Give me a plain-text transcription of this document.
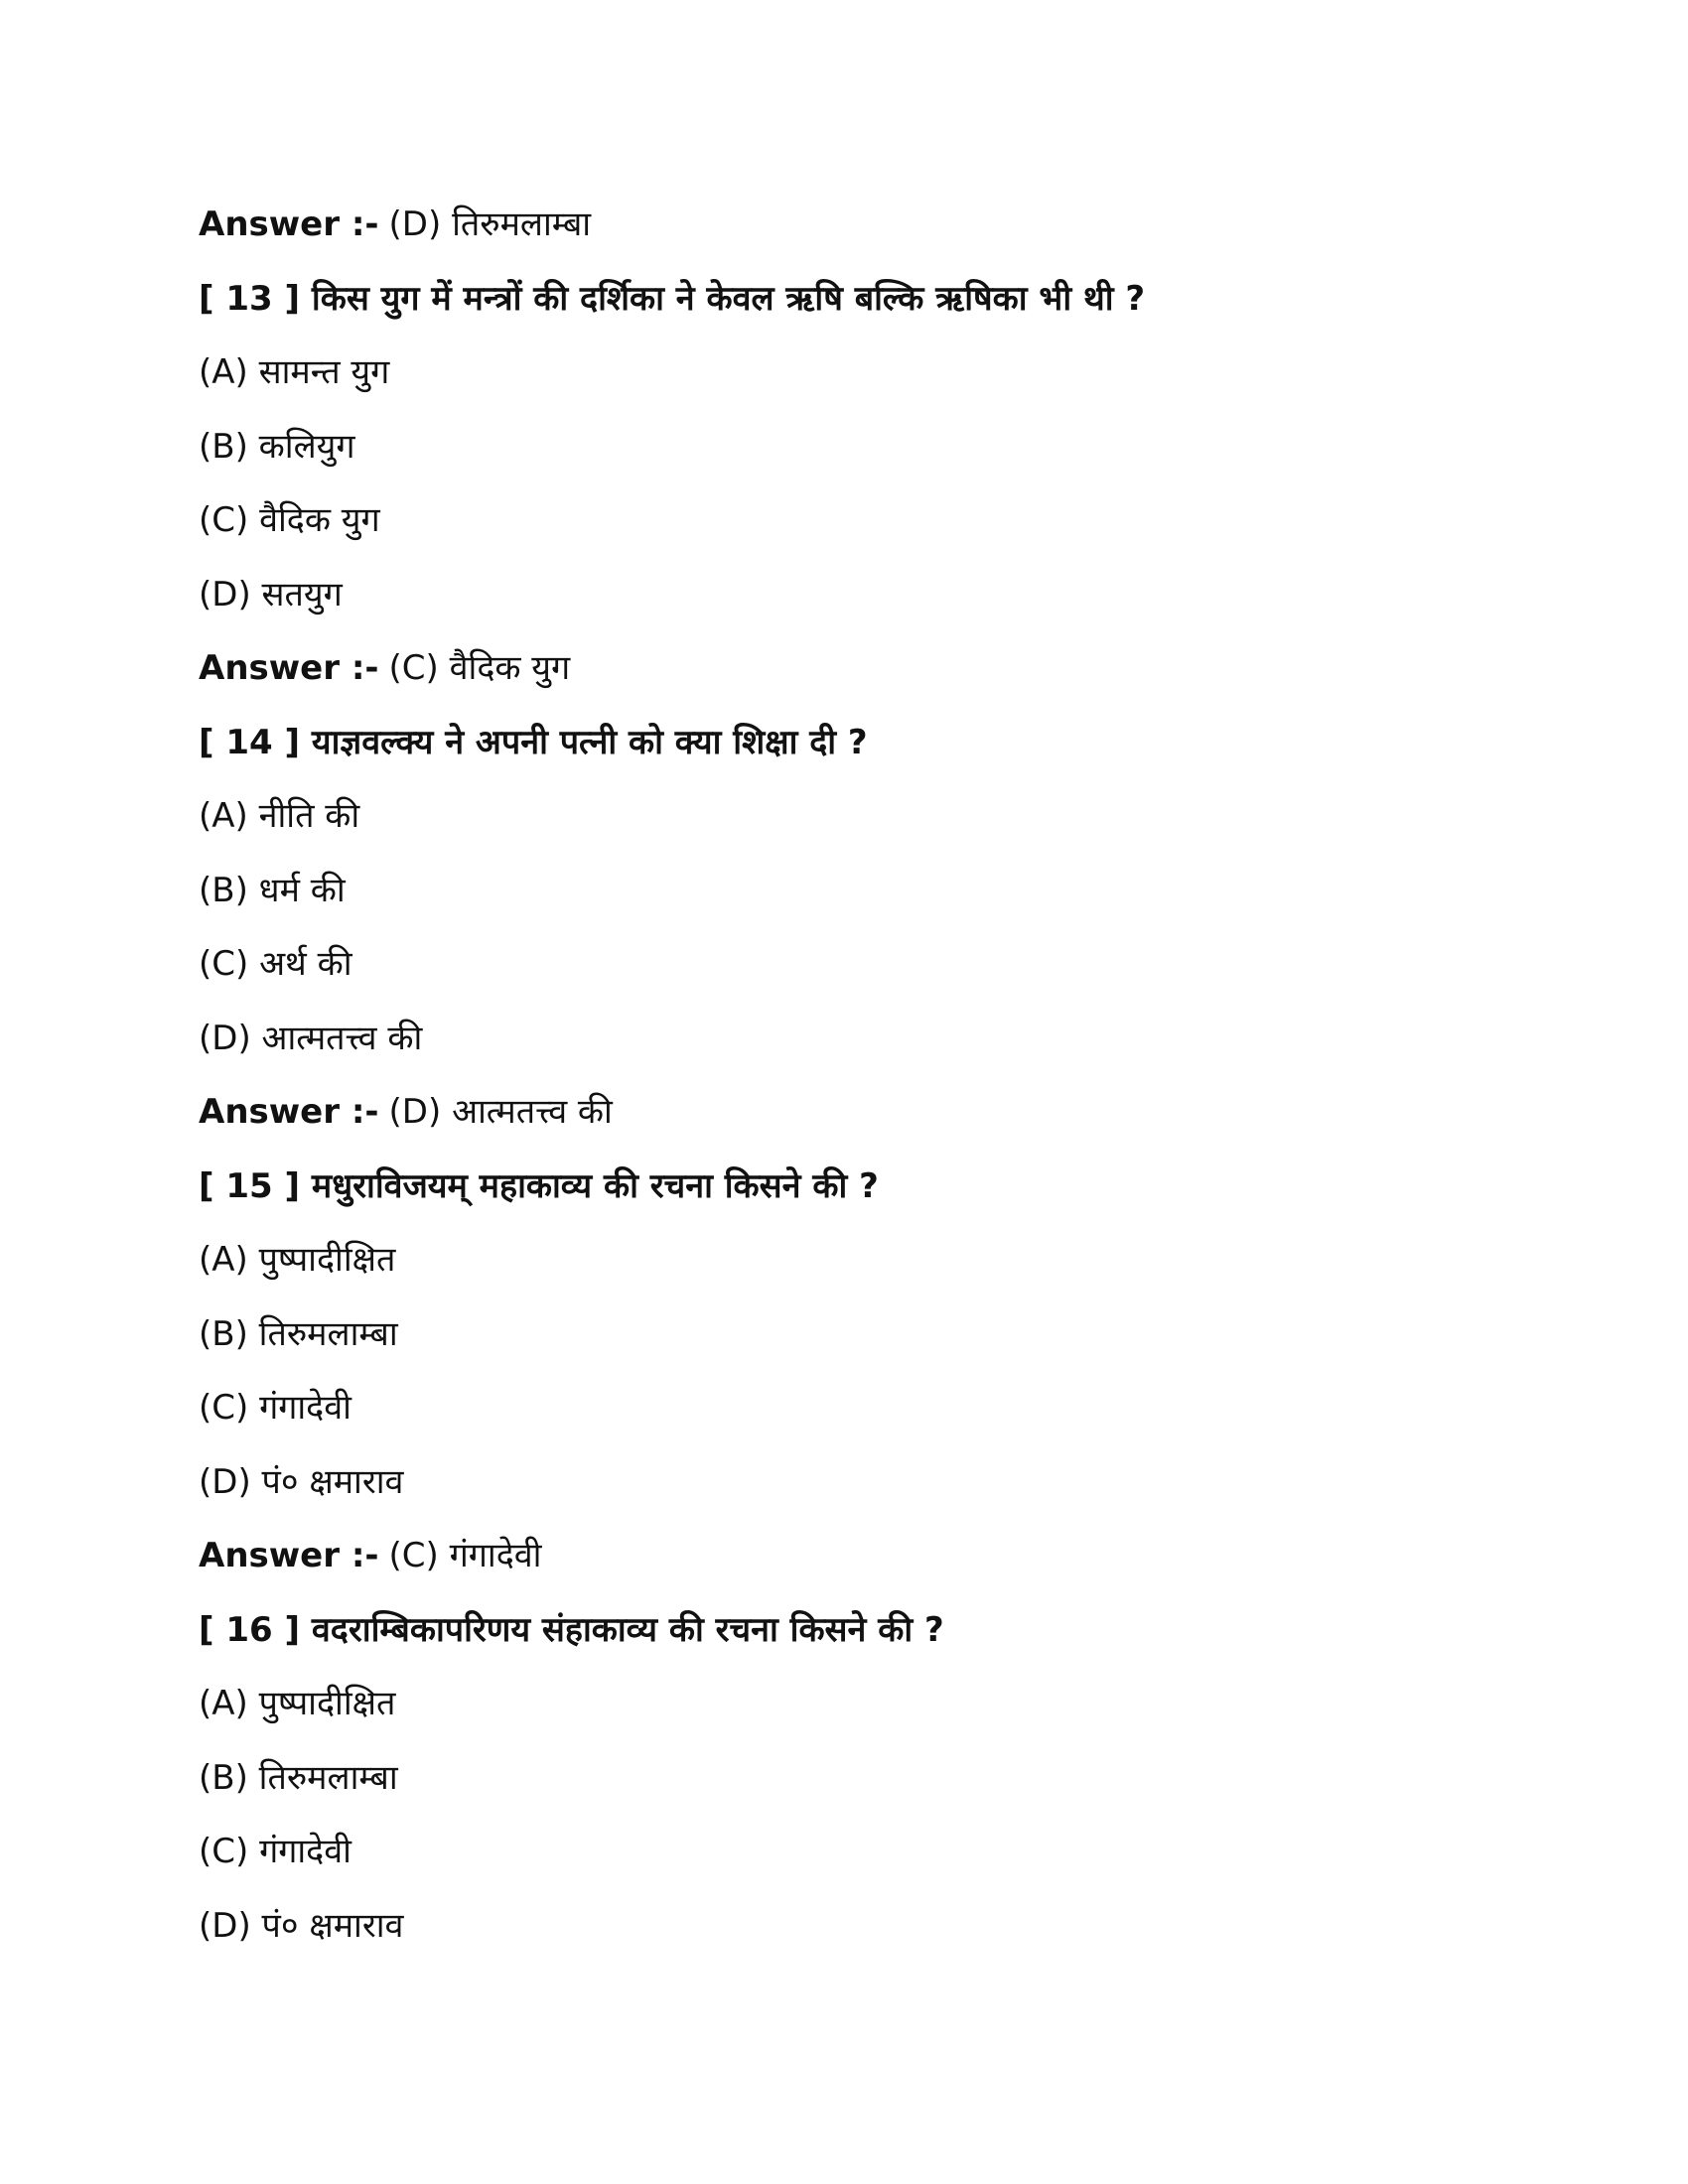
Answer :- (D) तिरुमलाम्बा
[ 13 ] किस युग में मन्त्रों की दर्शिका ने केवल ऋषि बल्कि ऋषिका भी थी ?
(A) सामन्त युग
(B) कलियुग
(C) वैदिक युग
(D) सतयुग
Answer :- (C) वैदिक युग
[ 14 ] याज्ञवल्क्य ने अपनी पत्नी को क्या शिक्षा दी ?
(A) नीति की
(B) धर्म की
(C) अर्थ की
(D) आत्मतत्त्व की
Answer :- (D) आत्मतत्त्व की
[ 15 ] मधुराविजयम् महाकाव्य की रचना किसने की ?
(A) पुष्पादीक्षित
(B) तिरुमलाम्बा
(C) गंगादेवी
(D) पं० क्षमाराव
Answer :- (C) गंगादेवी
[ 16 ] वदराम्बिकापरिणय संहाकाव्य की रचना किसने की ?
(A) पुष्पादीक्षित
(B) तिरुमलाम्बा
(C) गंगादेवी
(D) पं० क्षमाराव
